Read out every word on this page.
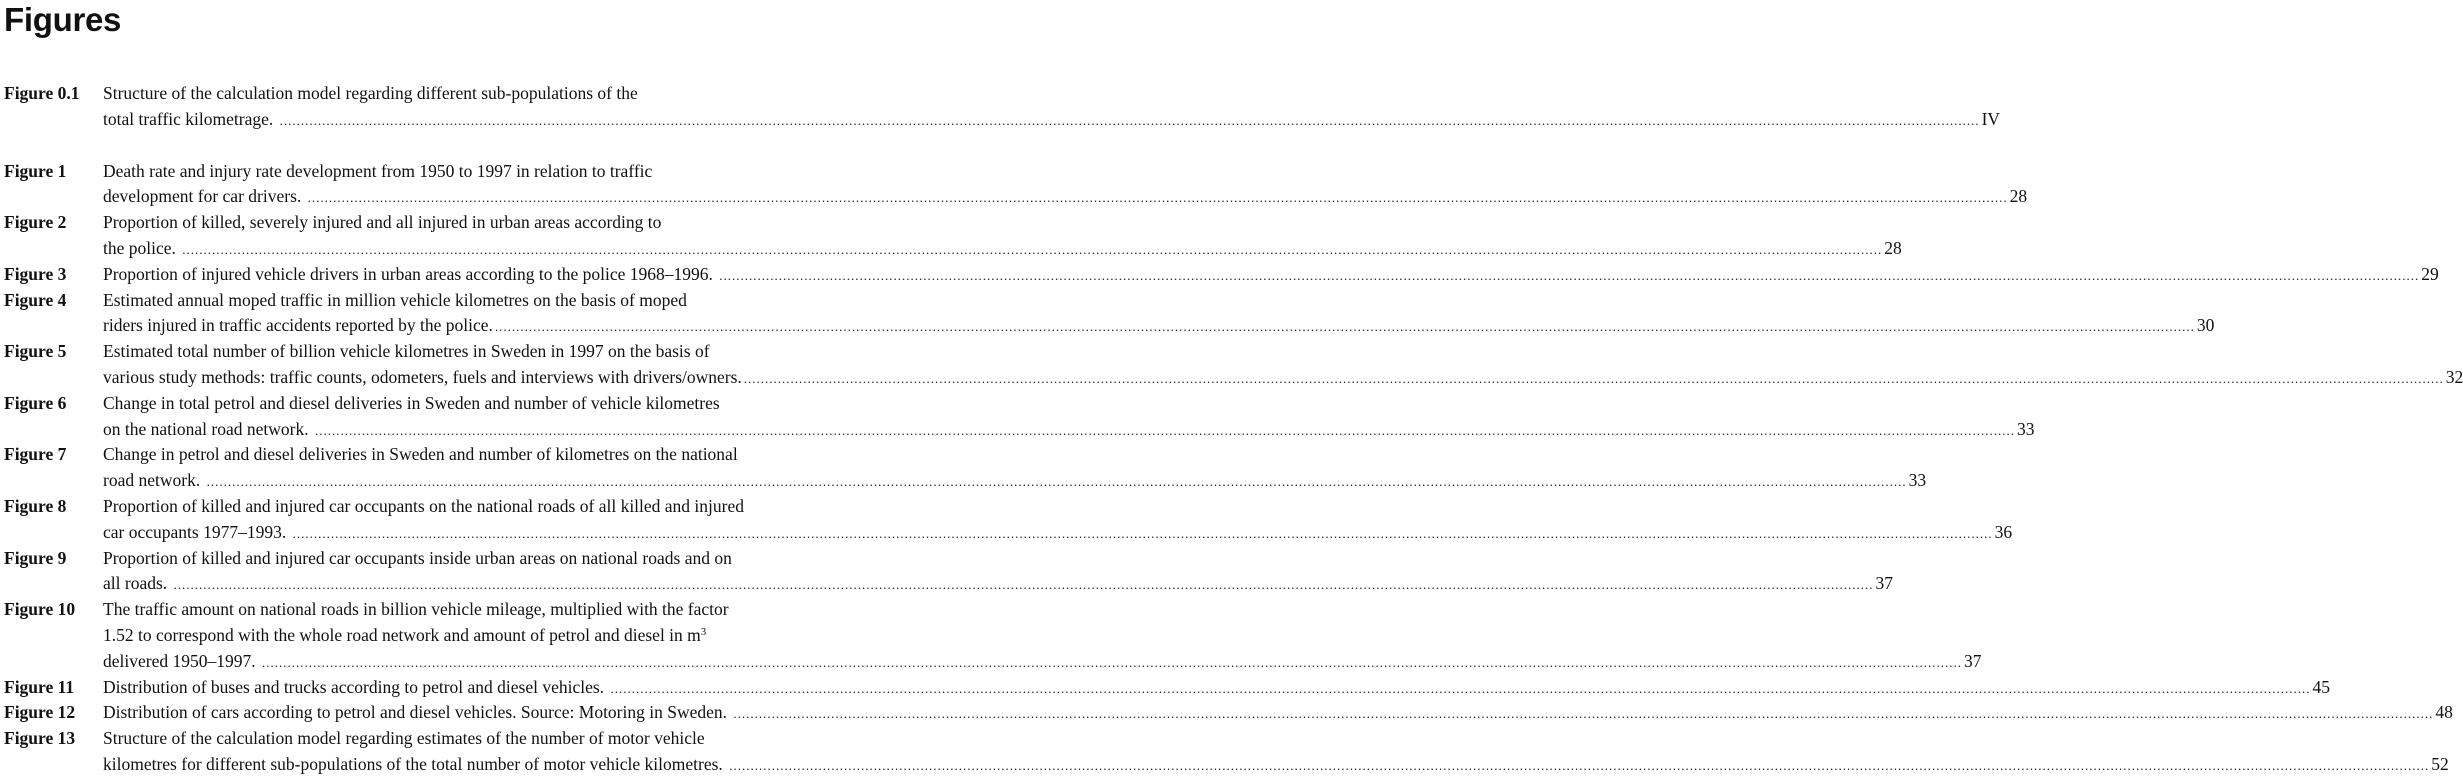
Figures
Figure 0.1 Structure of the calculation model regarding different sub-populations of the
total traffic kilometrage. ................................................................................................................................................................................................................................................................................................................................................................................................................ IV
Figure 1 Death rate and injury rate development from 1950 to 1997 in relation to traffic
development for car drivers. ................................................................................................................................................................................................................................................................................................................................................................................................................ 28
Figure 2 Proportion of killed, severely injured and all injured in urban areas according to
the police. ................................................................................................................................................................................................................................................................................................................................................................................................................ 28
Figure 3 Proportion of injured vehicle drivers in urban areas according to the police 1968–1996. ................................................................................................................................................................................................................................................................................................................................................................................................................ 29
Figure 4 Estimated annual moped traffic in million vehicle kilometres on the basis of moped
riders injured in traffic accidents reported by the police. ................................................................................................................................................................................................................................................................................................................................................................................................................ 30
Figure 5 Estimated total number of billion vehicle kilometres in Sweden in 1997 on the basis of
various study methods: traffic counts, odometers, fuels and interviews with drivers/owners. ................................................................................................................................................................................................................................................................................................................................................................................................................ 32
Figure 6 Change in total petrol and diesel deliveries in Sweden and number of vehicle kilometres
on the national road network. ................................................................................................................................................................................................................................................................................................................................................................................................................ 33
Figure 7 Change in petrol and diesel deliveries in Sweden and number of kilometres on the national
road network. ................................................................................................................................................................................................................................................................................................................................................................................................................ 33
Figure 8 Proportion of killed and injured car occupants on the national roads of all killed and injured
car occupants 1977–1993. ................................................................................................................................................................................................................................................................................................................................................................................................................ 36
Figure 9 Proportion of killed and injured car occupants inside urban areas on national roads and on
all roads. ................................................................................................................................................................................................................................................................................................................................................................................................................ 37
Figure 10 The traffic amount on national roads in billion vehicle mileage, multiplied with the factor
1.52 to correspond with the whole road network and amount of petrol and diesel in $m^3$
delivered 1950–1997. ................................................................................................................................................................................................................................................................................................................................................................................................................ 37
Figure 11 Distribution of buses and trucks according to petrol and diesel vehicles. ................................................................................................................................................................................................................................................................................................................................................................................................................ 45
Figure 12 Distribution of cars according to petrol and diesel vehicles. Source: Motoring in Sweden. ................................................................................................................................................................................................................................................................................................................................................................................................................ 48
Figure 13 Structure of the calculation model regarding estimates of the number of motor vehicle
kilometres for different sub-populations of the total number of motor vehicle kilometres. ................................................................................................................................................................................................................................................................................................................................................................................................................ 52
